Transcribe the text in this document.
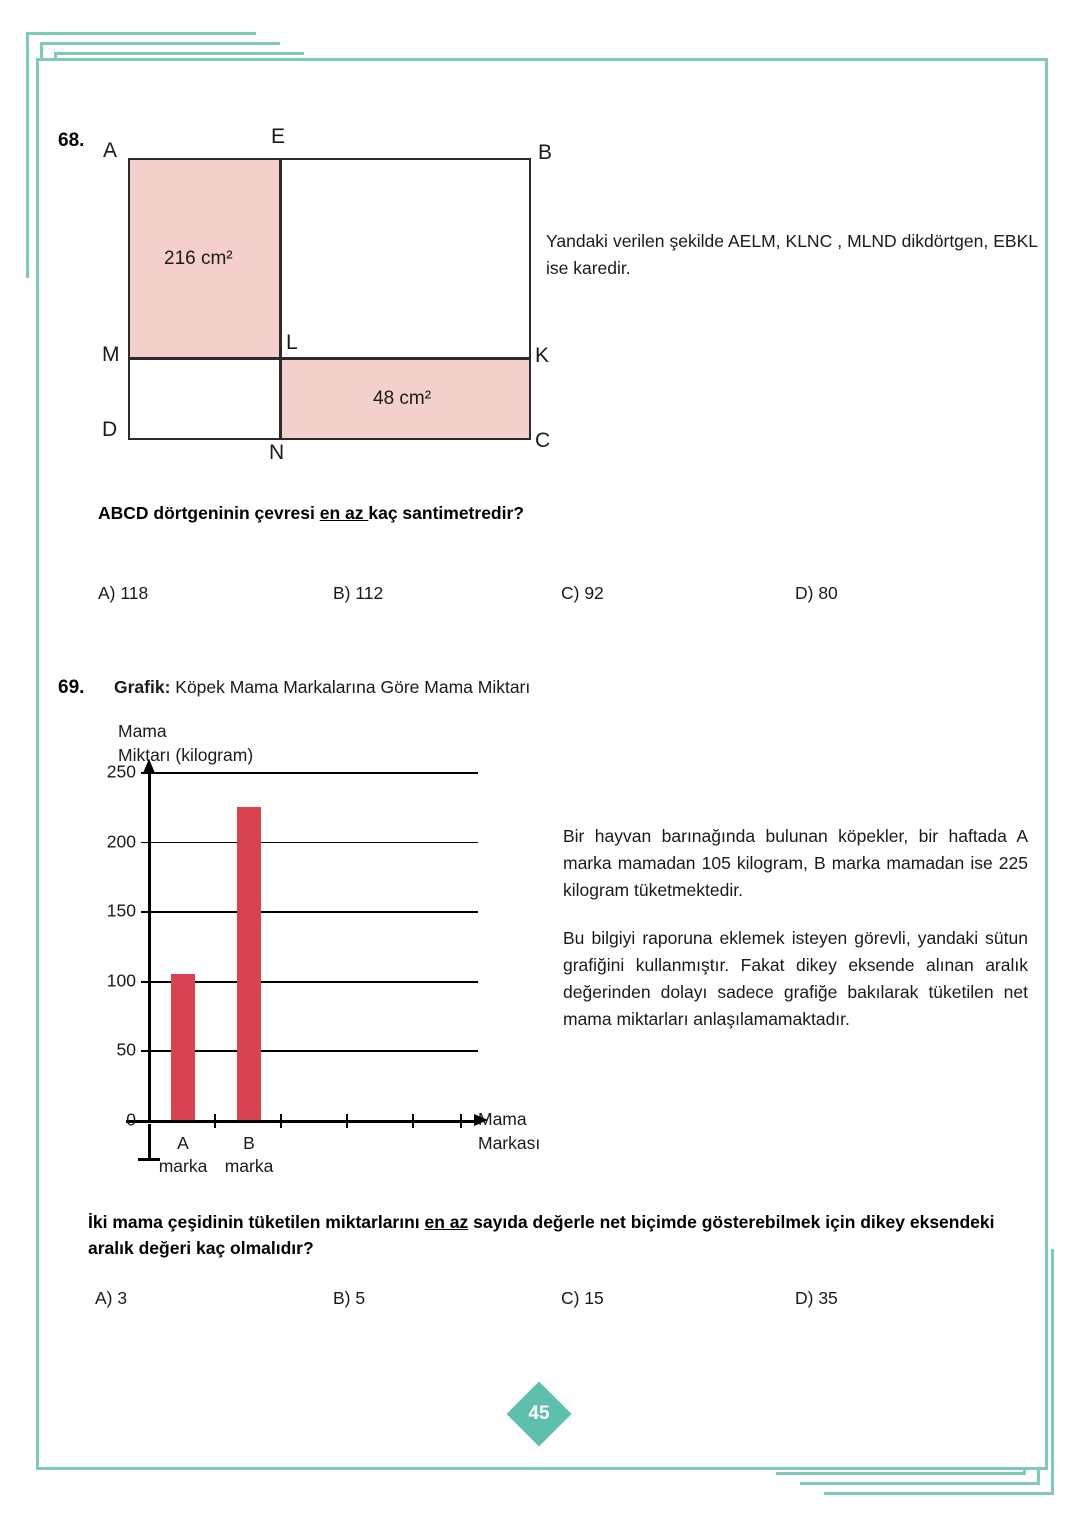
68.
216 cm²
48 cm²
A
E
B
M
L
K
D
N
C
Yandaki verilen şekilde AELM, KLNC , MLND dikdörtgen, EBKL ise karedir.
ABCD dörtgeninin çevresi en az kaç santimetredir?
A) 118	B) 112	C) 92	D) 80
69. Grafik: Köpek Mama Markalarına Göre Mama Miktarı
Mama
Miktarı (kilogram)
Mama
Markası
250
200
150
100
50
0
A
marka
B
marka
Bir hayvan barınağında bulunan köpekler, bir haftada A marka mamadan 105 kilogram, B marka mamadan ise 225 kilogram tüketmektedir.
Bu bilgiyi raporuna eklemek isteyen görevli, yandaki sütun grafiğini kullanmıştır. Fakat dikey eksende alınan aralık değerinden dolayı sadece grafiğe bakılarak tüketilen net mama miktarları anlaşılamamaktadır.
İki mama çeşidinin tüketilen miktarlarını en az sayıda değerle net biçimde gösterebilmek için dikey eksendeki aralık değeri kaç olmalıdır?
A) 3	B) 5	C) 15	D) 35
45
